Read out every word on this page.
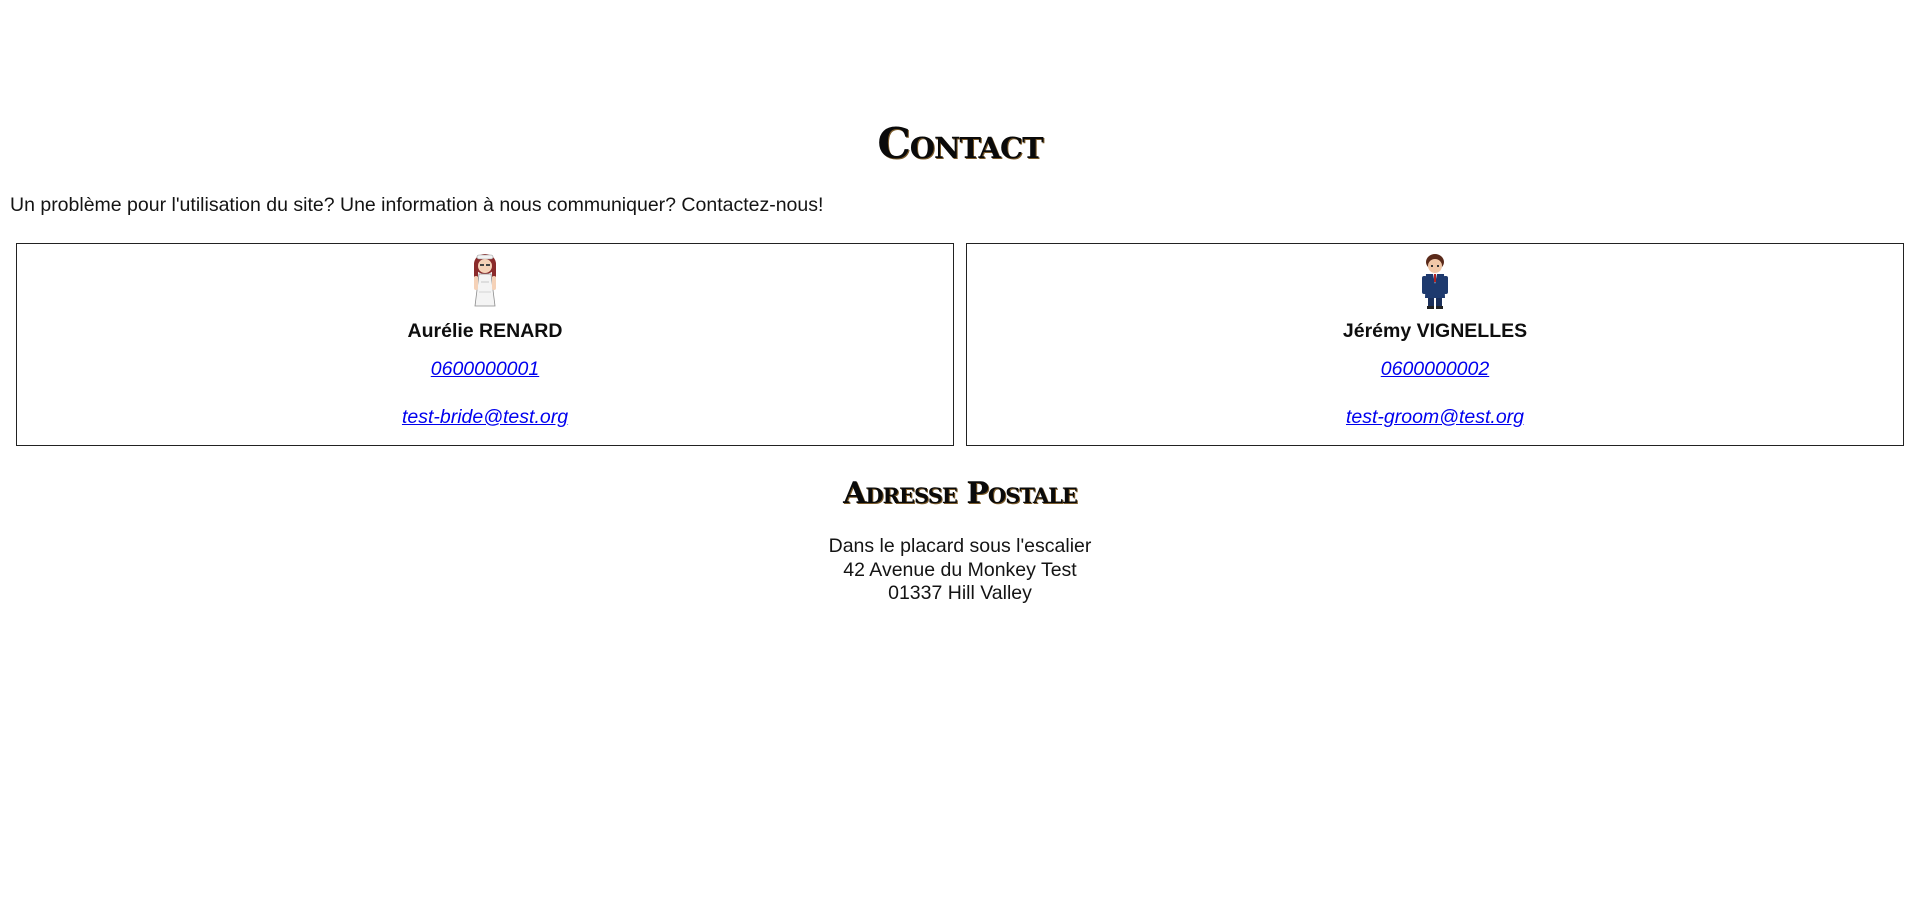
Contact

Un problème pour l'utilisation du site? Une information à nous communiquer? Contactez-nous!

Aurélie RENARD
0600000001
test-bride@test.org
Jérémy VIGNELLES
0600000002
test-groom@test.org
Adresse Postale
Dans le placard sous l'escalier
42 Avenue du Monkey Test
01337 Hill Valley
